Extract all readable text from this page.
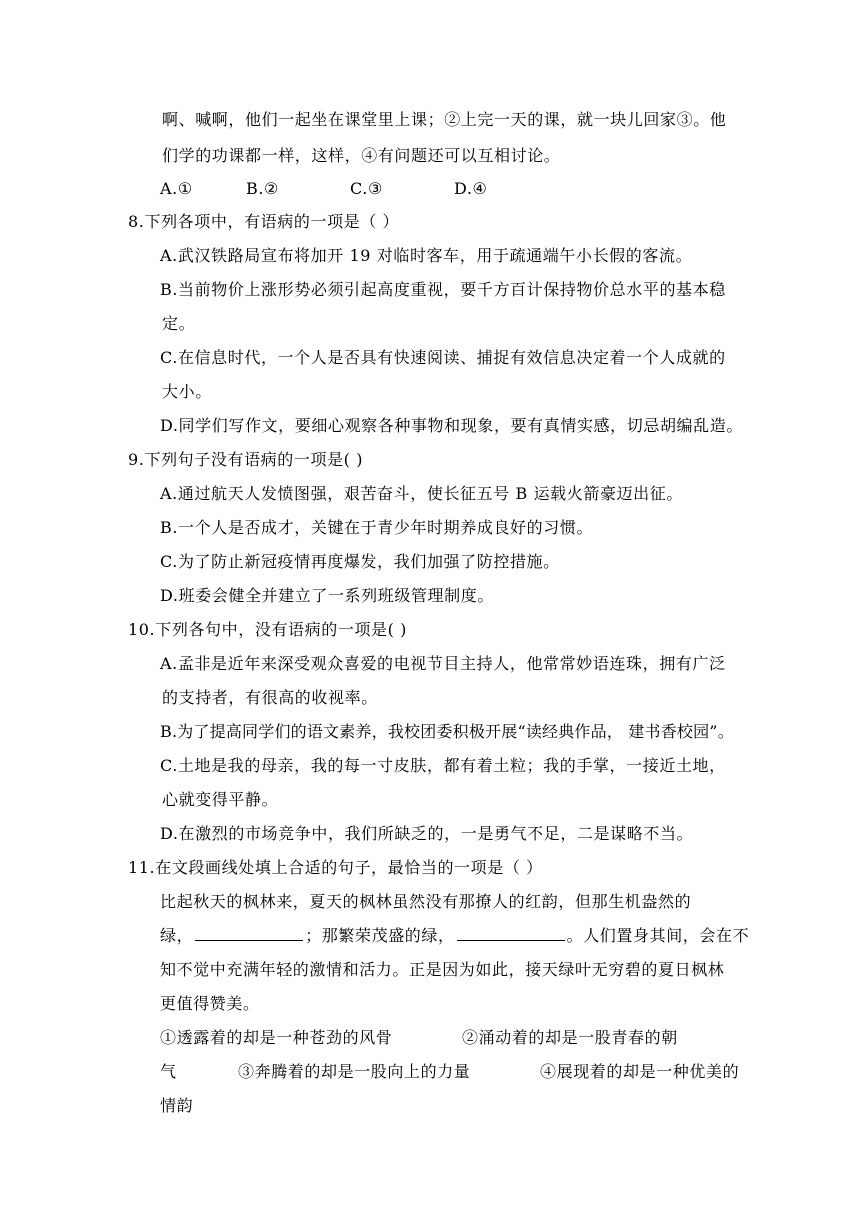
啊、喊啊，他们一起坐在课堂里上课；②上完一天的课，就一块儿回家③。他
们学的功课都一样，这样，④有问题还可以互相讨论。
A.①	B.②	C.③	D.④
8.下列各项中，有语病的一项是（ ）
A.武汉铁路局宣布将加开 19 对临时客车，用于疏通端午小长假的客流。
B.当前物价上涨形势必须引起高度重视，要千方百计保持物价总水平的基本稳
定。
C.在信息时代，一个人是否具有快速阅读、捕捉有效信息决定着一个人成就的
大小。
D.同学们写作文，要细心观察各种事物和现象，要有真情实感，切忌胡编乱造。
9.下列句子没有语病的一项是( )
A.通过航天人发愤图强，艰苦奋斗，使长征五号 B 运载火箭豪迈出征。
B.一个人是否成才，关键在于青少年时期养成良好的习惯。
C.为了防止新冠疫情再度爆发，我们加强了防控措施。
D.班委会健全并建立了一系列班级管理制度。
10.下列各句中，没有语病的一项是( )
A.孟非是近年来深受观众喜爱的电视节目主持人，他常常妙语连珠，拥有广泛
的支持者，有很高的收视率。
B.为了提高同学们的语文素养，我校团委积极开展“读经典作品， 建书香校园”。
C.土地是我的母亲，我的每一寸皮肤，都有着土粒；我的手掌，一接近土地，
心就变得平静。
D.在激烈的市场竞争中，我们所缺乏的，一是勇气不足，二是谋略不当。
11.在文段画线处填上合适的句子，最恰当的一项是（ ）
比起秋天的枫林来，夏天的枫林虽然没有那撩人的红韵，但那生机盎然的
绿，	；那繁荣茂盛的绿，	。人们置身其间，会在不
知不觉中充满年轻的激情和活力。正是因为如此，接天绿叶无穷碧的夏日枫林
更值得赞美。
①透露着的却是一种苍劲的风骨	②涌动着的却是一股青春的朝
气	③奔腾着的却是一股向上的力量	④展现着的却是一种优美的
情韵
